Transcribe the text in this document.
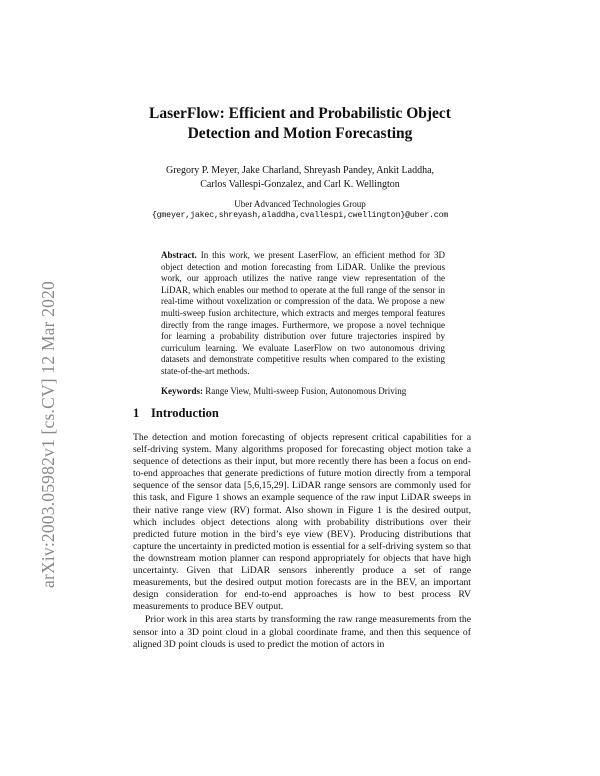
arXiv:2003.05982v1 [cs.CV] 12 Mar 2020
LaserFlow: Efficient and Probabilistic Object
Detection and Motion Forecasting
Gregory P. Meyer, Jake Charland, Shreyash Pandey, Ankit Laddha,
Carlos Vallespi-Gonzalez, and Carl K. Wellington
Uber Advanced Technologies Group
{gmeyer,jakec,shreyash,aladdha,cvallespi,cwellington}@uber.com

Abstract. In this work, we present LaserFlow, an efficient method for 3D object detection and motion forecasting from LiDAR. Unlike the previous work, our approach utilizes the native range view representation of the LiDAR, which enables our method to operate at the full range of the sensor in real-time without voxelization or compression of the data. We propose a new multi-sweep fusion architecture, which extracts and merges temporal features directly from the range images. Furthermore, we propose a novel technique for learning a probability distribution over future trajectories inspired by curriculum learning. We evaluate LaserFlow on two autonomous driving datasets and demonstrate competitive results when compared to the existing state-of-the-art methods.

Keywords: Range View, Multi-sweep Fusion, Autonomous Driving

1 Introduction

The detection and motion forecasting of objects represent critical capabilities for a self-driving system. Many algorithms proposed for forecasting object motion take a sequence of detections as their input, but more recently there has been a focus on end-to-end approaches that generate predictions of future motion directly from a temporal sequence of the sensor data [5,6,15,29]. LiDAR range sensors are commonly used for this task, and Figure 1 shows an example sequence of the raw input LiDAR sweeps in their native range view (RV) format. Also shown in Figure 1 is the desired output, which includes object detections along with probability distributions over their predicted future motion in the bird’s eye view (BEV). Producing distributions that capture the uncertainty in predicted motion is essential for a self-driving system so that the downstream motion planner can respond appropriately for objects that have high uncertainty. Given that LiDAR sensors inherently produce a set of range measurements, but the desired output motion forecasts are in the BEV, an important design consideration for end-to-end approaches is how to best process RV measurements to produce BEV output.

Prior work in this area starts by transforming the raw range measurements from the sensor into a 3D point cloud in a global coordinate frame, and then this sequence of aligned 3D point clouds is used to predict the motion of actors in
